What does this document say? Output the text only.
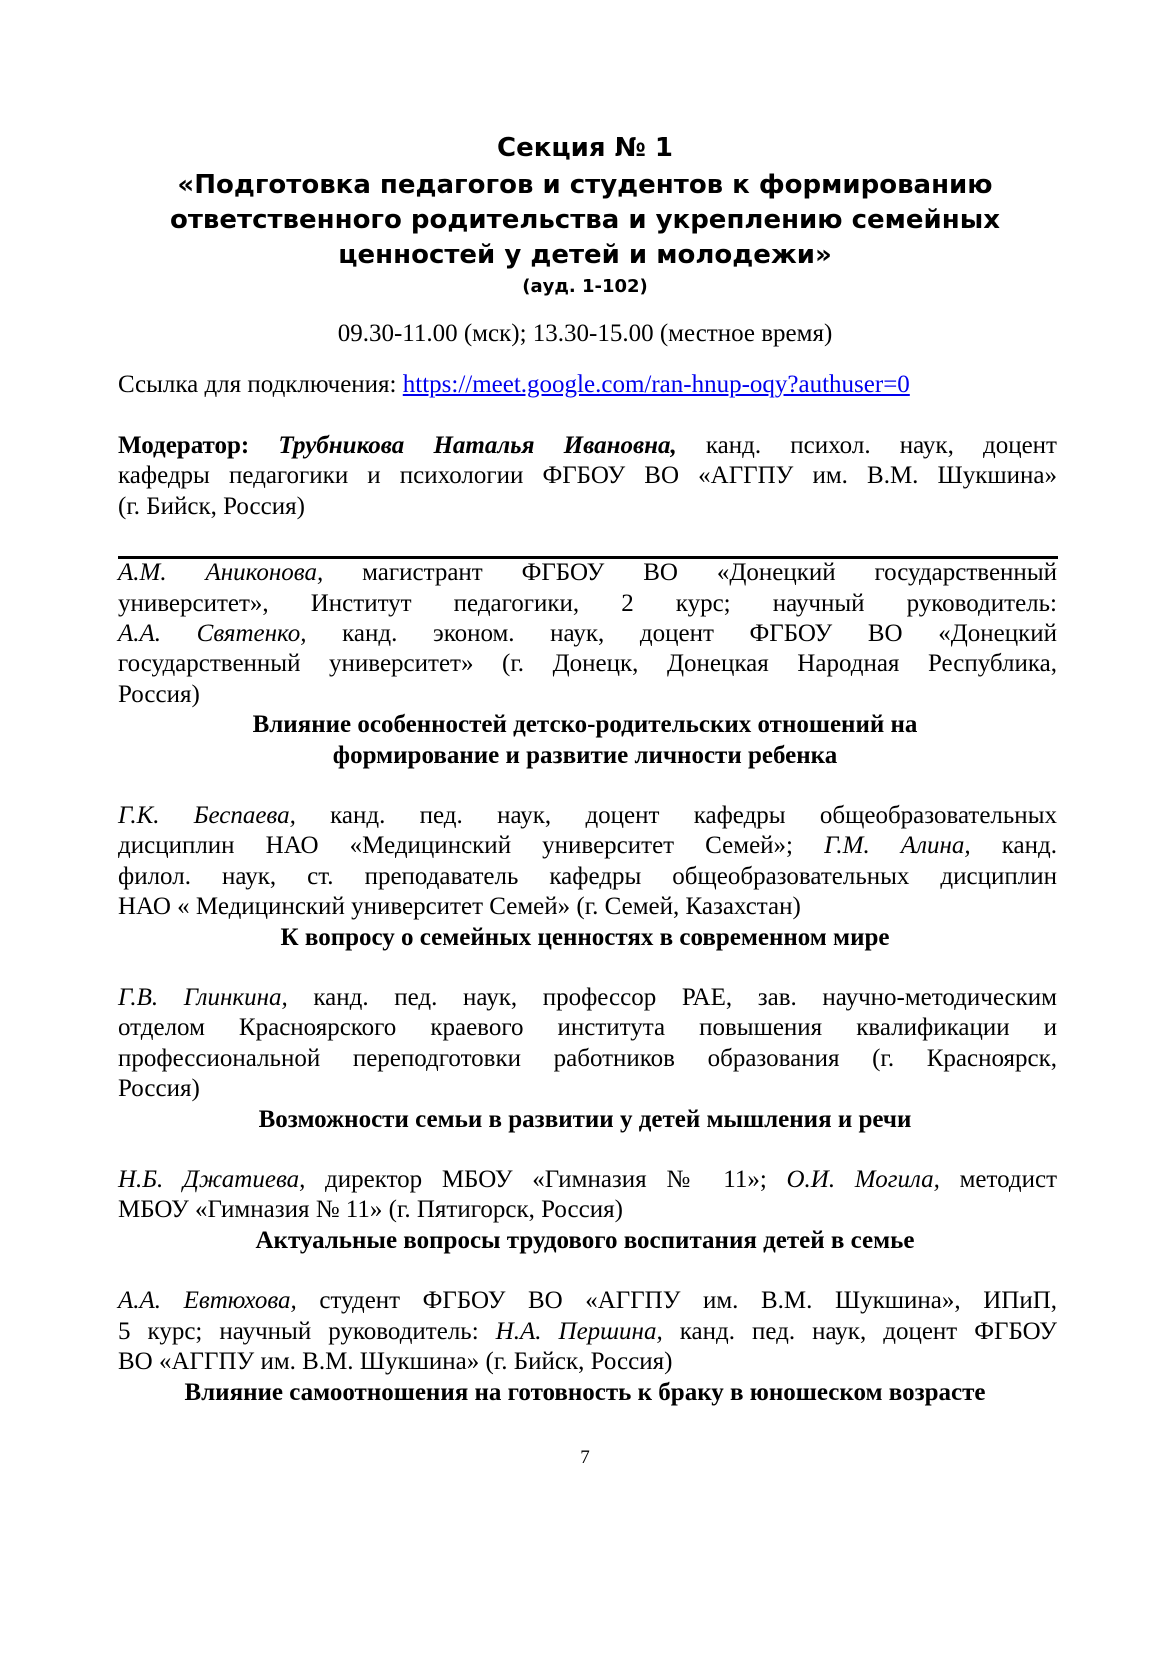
Секция № 1
«Подготовка педагогов и студентов к формированию
ответственного родительства и укреплению семейных
ценностей у детей и молодежи»
(ауд. 1-102)
09.30-11.00 (мск); 13.30-15.00 (местное время)
Ссылка для подключения: https://meet.google.com/ran-hnup-oqy?authuser=0
Модератор: Трубникова Наталья Ивановна, канд. психол. наук, доцент
кафедры педагогики и психологии ФГБОУ ВО «АГГПУ им. В.М. Шукшина»
(г. Бийск, Россия)
А.М. Аниконова, магистрант ФГБОУ ВО «Донецкий государственный
университет», Институт педагогики, 2 курс; научный руководитель:
А.А. Святенко, канд. эконом. наук, доцент ФГБОУ ВО «Донецкий
государственный университет» (г. Донецк, Донецкая Народная Республика,
Россия)
Влияние особенностей детско-родительских отношений на
формирование и развитие личности ребенка
Г.К. Беспаева, канд. пед. наук, доцент кафедры общеобразовательных
дисциплин НАО «Медицинский университет Семей»; Г.М. Алина, канд.
филол. наук, ст. преподаватель кафедры общеобразовательных дисциплин
НАО « Медицинский университет Семей» (г. Семей, Казахстан)
К вопросу о семейных ценностях в современном мире
Г.В. Глинкина, канд. пед. наук, профессор РАЕ, зав. научно-методическим
отделом Красноярского краевого института повышения квалификации и
профессиональной переподготовки работников образования (г. Красноярск,
Россия)
Возможности семьи в развитии у детей мышления и речи
Н.Б. Джатиева, директор МБОУ «Гимназия № 11»; О.И. Могила, методист
МБОУ «Гимназия № 11» (г. Пятигорск, Россия)
Актуальные вопросы трудового воспитания детей в семье
А.А. Евтюхова, студент ФГБОУ ВО «АГГПУ им. В.М. Шукшина», ИПиП,
5 курс; научный руководитель: Н.А. Першина, канд. пед. наук, доцент ФГБОУ
ВО «АГГПУ им. В.М. Шукшина» (г. Бийск, Россия)
Влияние самоотношения на готовность к браку в юношеском возрасте
7
